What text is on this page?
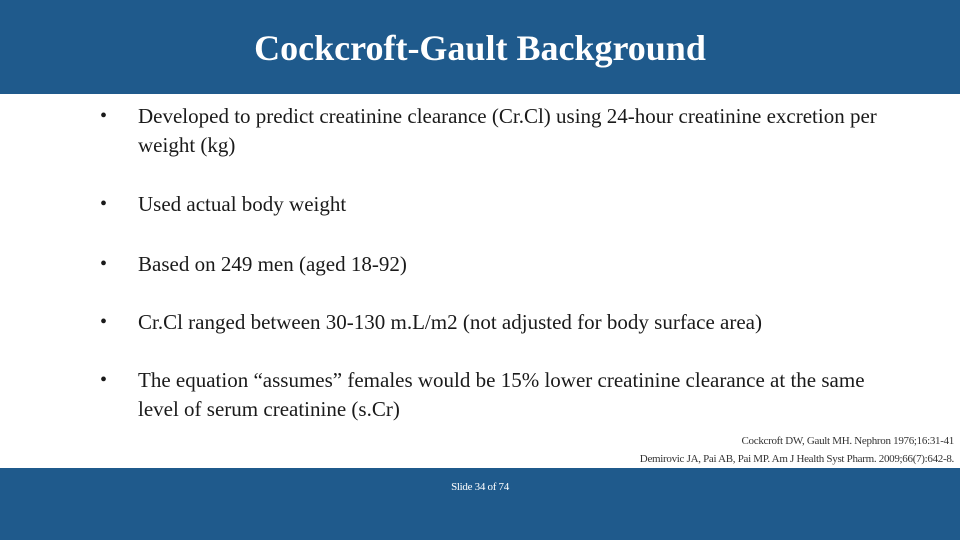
Cockcroft-Gault Background
•	Developed to predict creatinine clearance (Cr.Cl) using 24-hour creatinine excretion per weight (kg)
•	Used actual body weight
•	Based on 249 men (aged 18-92)
•	Cr.Cl ranged between 30-130 m.L/m2 (not adjusted for body surface area)
•	The equation “assumes” females would be 15% lower creatinine clearance at the same level of serum creatinine (s.Cr)
Cockcroft DW, Gault MH. Nephron 1976;16:31-41
Demirovic JA, Pai AB, Pai MP. Am J Health Syst Pharm. 2009;66(7):642-8.
Slide 34 of 74
